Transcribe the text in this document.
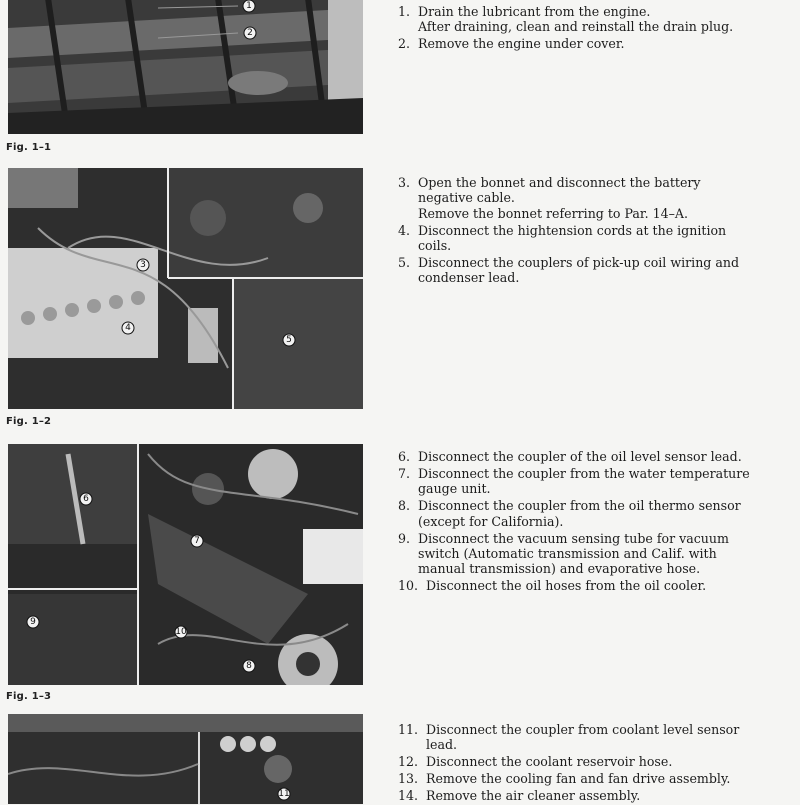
1
2
Fig. 1–1
1. Drain the lubricant from the engine.
After draining, clean and reinstall the drain plug.
2. Remove the engine under cover.
3
4
5
Fig. 1–2
3. Open the bonnet and disconnect the battery negative cable.
Remove the bonnet referring to Par. 14–A.
4. Disconnect the hightension cords at the ignition coils.
5. Disconnect the couplers of pick-up coil wiring and condenser lead.
6
7
8
9
10
Fig. 1–3
6. Disconnect the coupler of the oil level sensor lead.
7. Disconnect the coupler from the water temperature gauge unit.
8. Disconnect the coupler from the oil thermo sensor (except for California).
9. Disconnect the vacuum sensing tube for vacuum switch (Automatic transmission and Calif. with manual transmission) and evaporative hose.
10. Disconnect the oil hoses from the oil cooler.
11
11. Disconnect the coupler from coolant level sensor lead.
12. Disconnect the coolant reservoir hose.
13. Remove the cooling fan and fan drive assembly.
14. Remove the air cleaner assembly.
